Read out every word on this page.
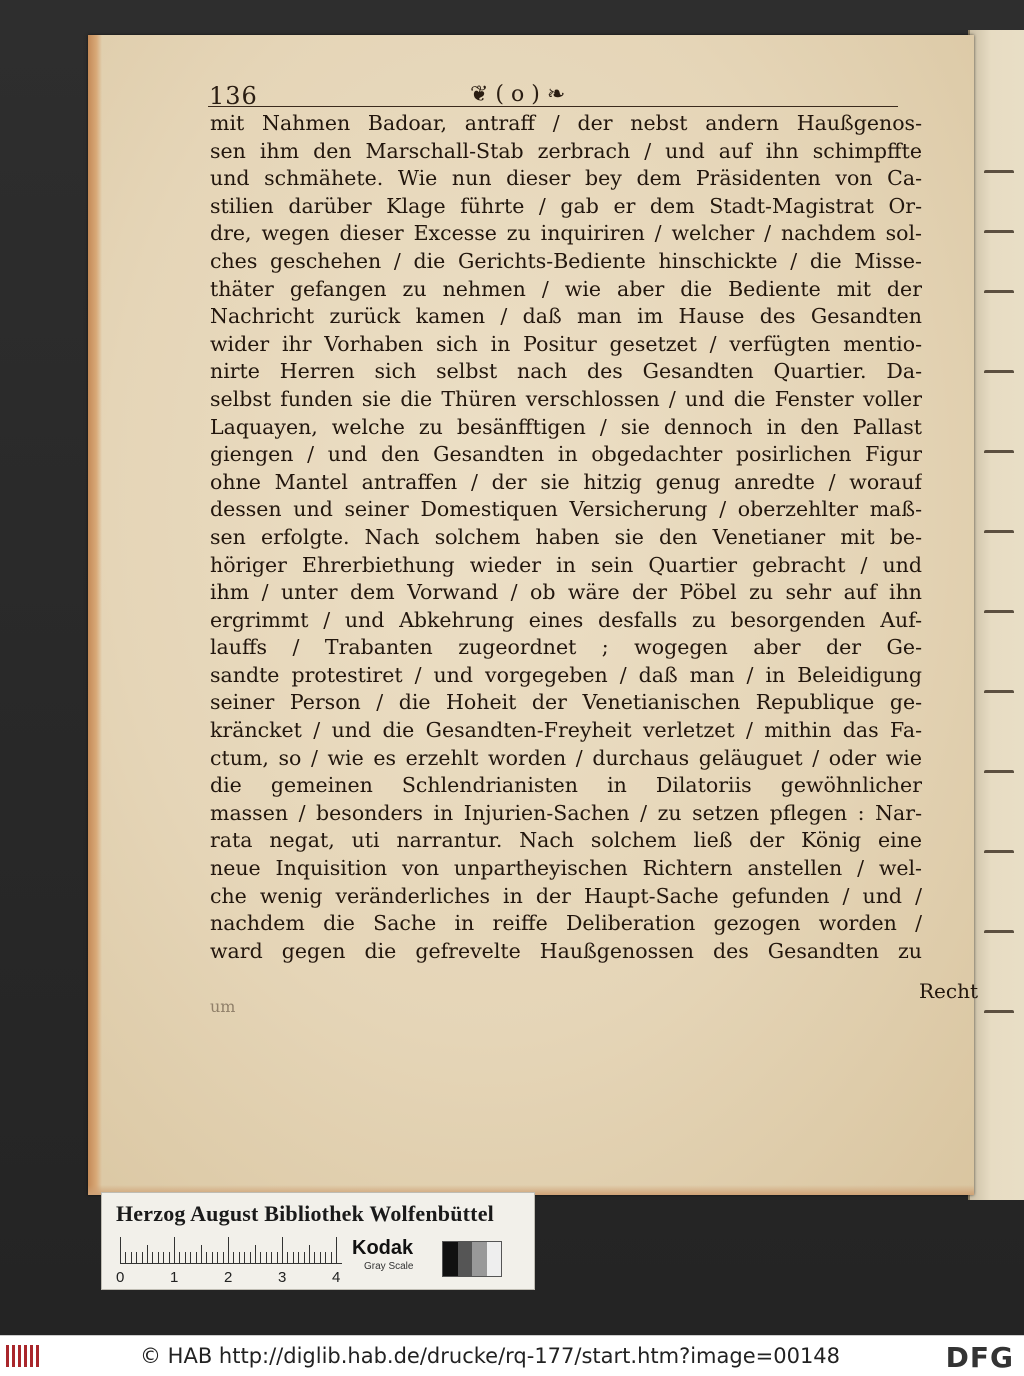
136	❦ ( o ) ❧
mit Nahmen Badoar, antraff / der nebst andern Haußgenos-
sen ihm den Marschall-Stab zerbrach / und auf ihn schimpffte
und schmähete. Wie nun dieser bey dem Präsidenten von Ca-
stilien darüber Klage führte / gab er dem Stadt-Magistrat Or-
dre, wegen dieser Excesse zu inquiriren / welcher / nachdem sol-
ches geschehen / die Gerichts-Bediente hinschickte / die Misse-
thäter gefangen zu nehmen / wie aber die Bediente mit der
Nachricht zurück kamen / daß man im Hause des Gesandten
wider ihr Vorhaben sich in Positur gesetzet / verfügten mentio-
nirte Herren sich selbst nach des Gesandten Quartier. Da-
selbst funden sie die Thüren verschlossen / und die Fenster voller
Laquayen, welche zu besänfftigen / sie dennoch in den Pallast
giengen / und den Gesandten in obgedachter posirlichen Figur
ohne Mantel antraffen / der sie hitzig genug anredte / worauf
dessen und seiner Domestiquen Versicherung / oberzehlter maß-
sen erfolgte. Nach solchem haben sie den Venetianer mit be-
höriger Ehrerbiethung wieder in sein Quartier gebracht / und
ihm / unter dem Vorwand / ob wäre der Pöbel zu sehr auf ihn
ergrimmt / und Abkehrung eines desfalls zu besorgenden Auf-
lauffs / Trabanten zugeordnet ; wogegen aber der Ge-
sandte protestiret / und vorgegeben / daß man / in Beleidigung
seiner Person / die Hoheit der Venetianischen Republique ge-
kräncket / und die Gesandten-Freyheit verletzet / mithin das Fa-
ctum, so / wie es erzehlt worden / durchaus geläuguet / oder wie
die gemeinen Schlendrianisten in Dilatoriis gewöhnlicher
massen / besonders in Injurien-Sachen / zu setzen pflegen : Nar-
rata negat, uti narrantur. Nach solchem ließ der König eine
neue Inquisition von unpartheyischen Richtern anstellen / wel-
che wenig veränderliches in der Haupt-Sache gefunden / und /
nachdem die Sache in reiffe Deliberation gezogen worden /
ward gegen die gefrevelte Haußgenossen des Gesandten zu
um
Recht
Herzog August Bibliothek Wolfenbüttel
0	1	2	3	4
Kodak
Gray Scale
© HAB http://diglib.hab.de/drucke/rq-177/start.htm?image=00148	DFG
